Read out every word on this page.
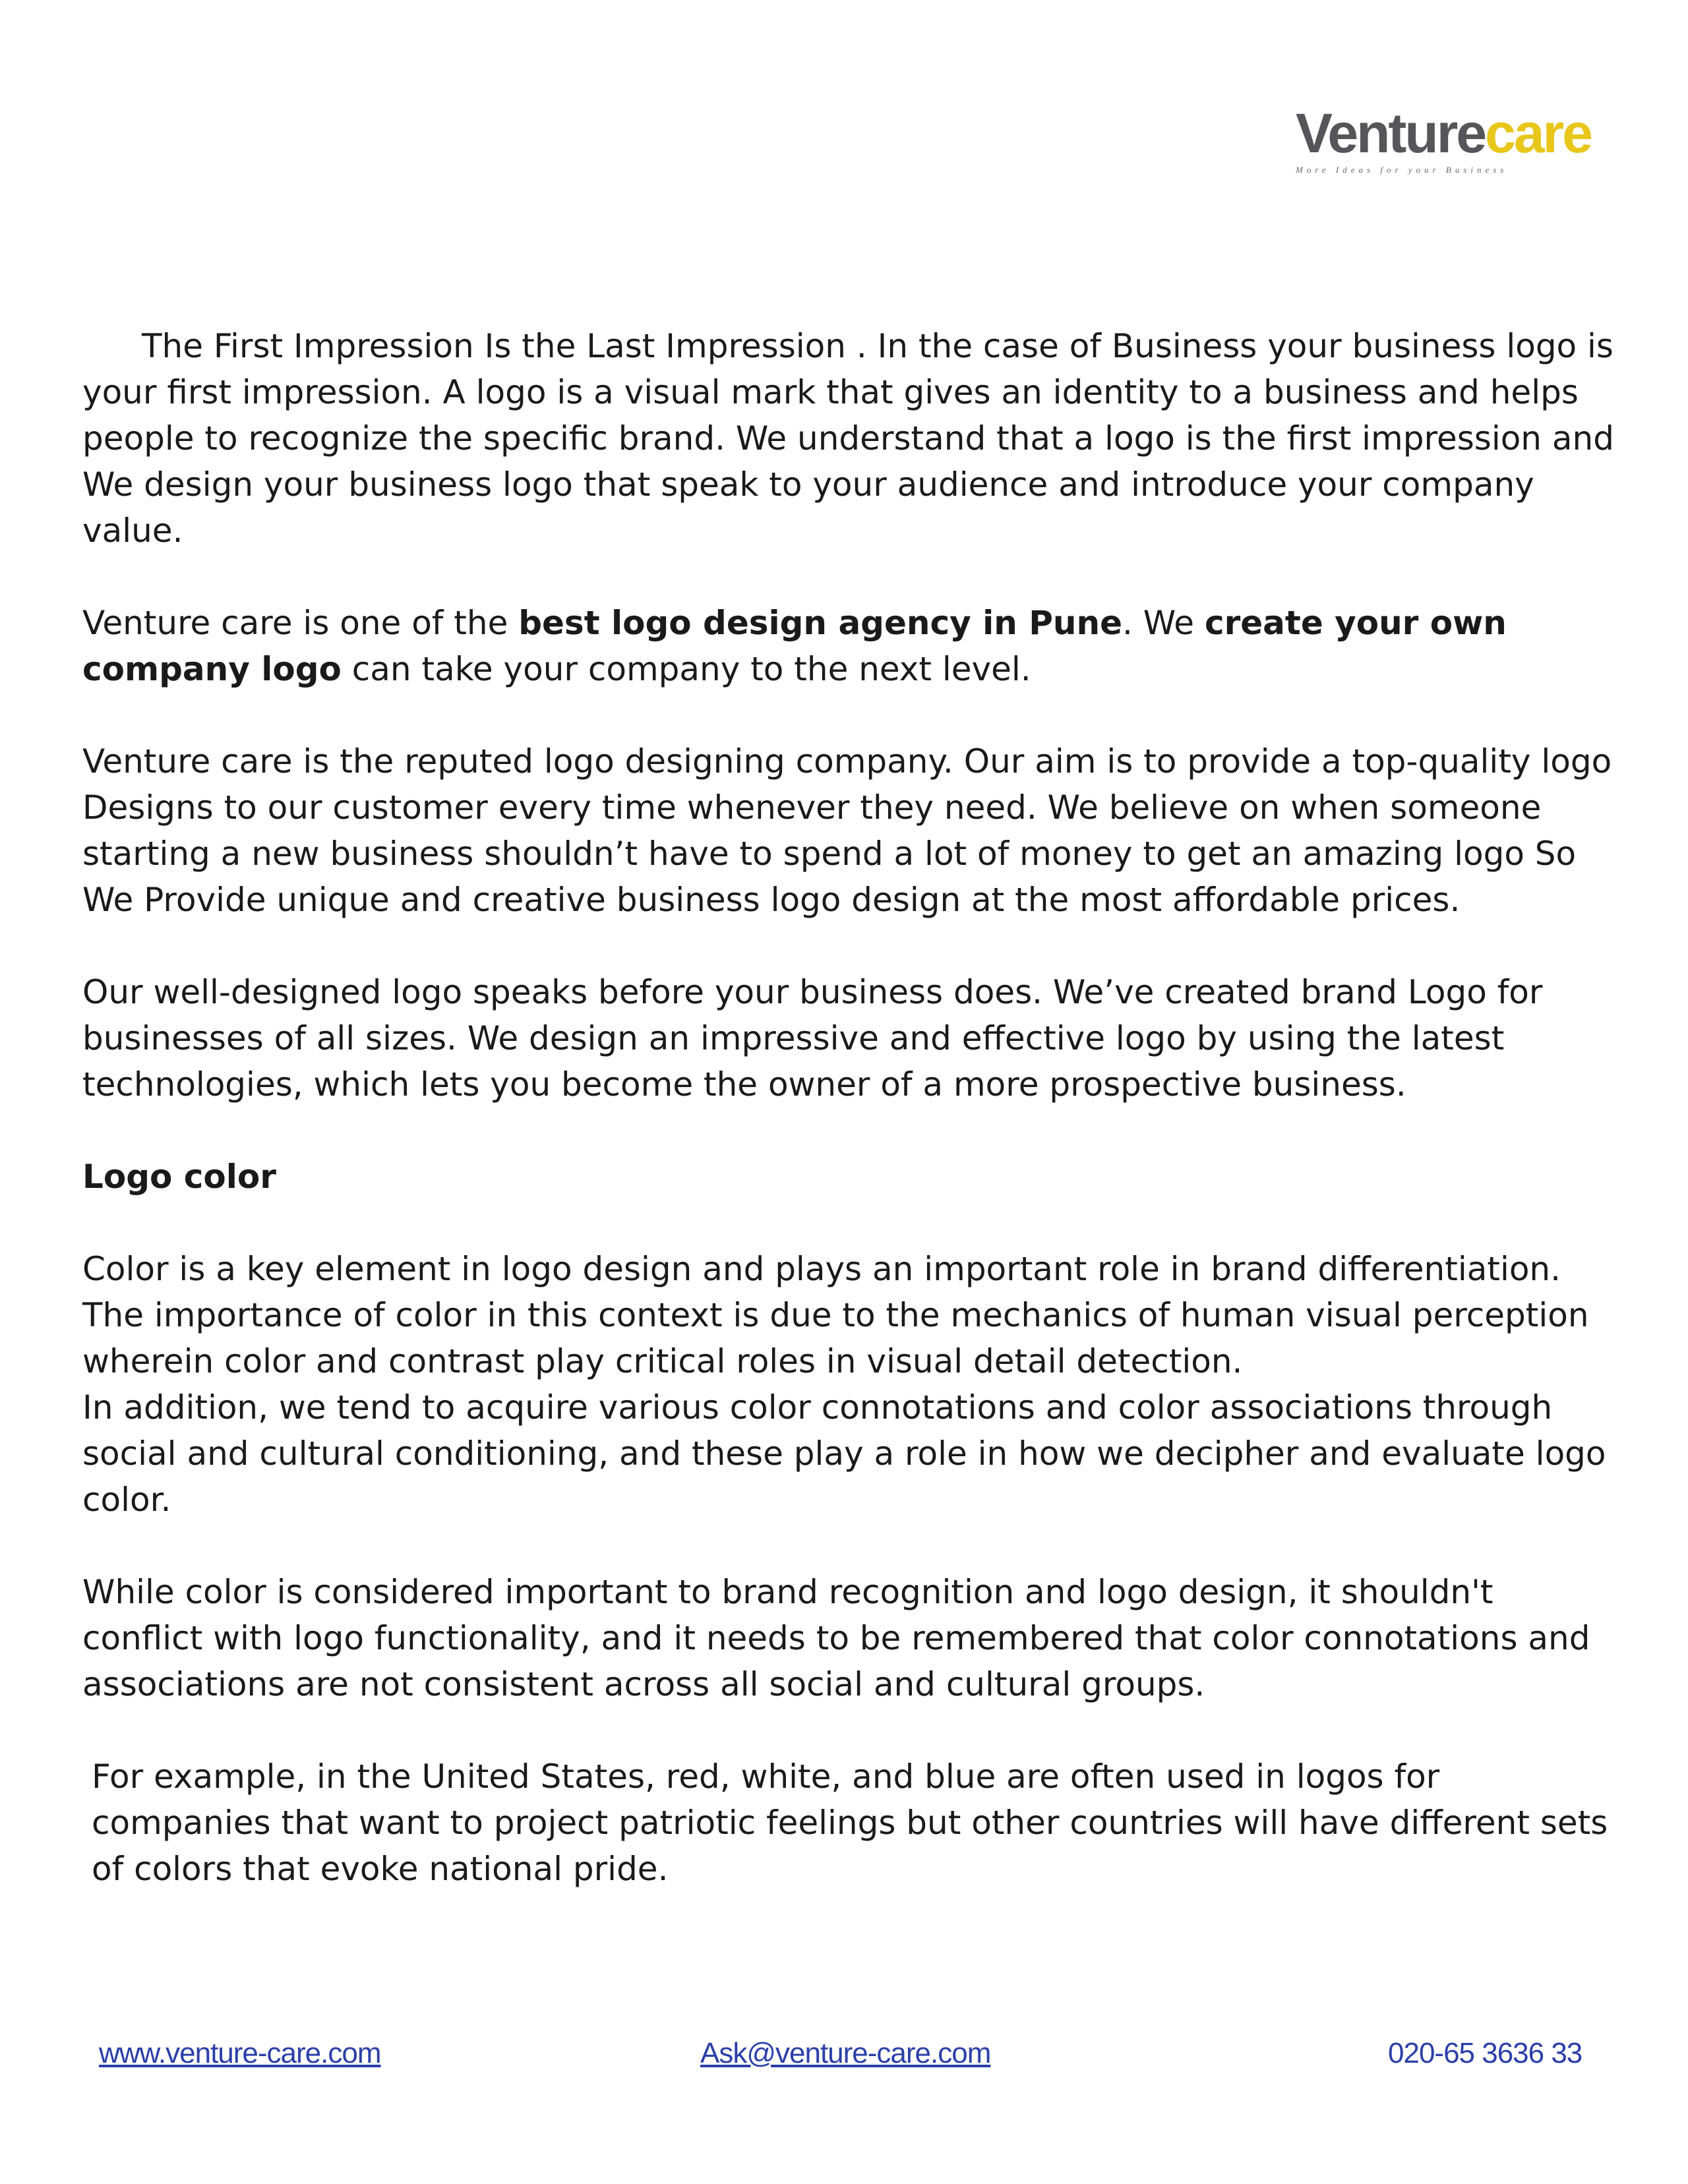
Venturecare
More Ideas for your Business

The First Impression Is the Last Impression . In the case of Business your business logo is your first impression. A logo is a visual mark that gives an identity to a business and helps people to recognize the specific brand. We understand that a logo is the first impression and We design your business logo that speak to your audience and introduce your company value.

Venture care is one of the best logo design agency in Pune. We create your own company logo can take your company to the next level.

Venture care is the reputed logo designing company. Our aim is to provide a top-quality logo Designs to our customer every time whenever they need. We believe on when someone starting a new business shouldn’t have to spend a lot of money to get an amazing logo So We Provide unique and creative business logo design at the most affordable prices.

Our well-designed logo speaks before your business does. We’ve created brand Logo for businesses of all sizes. We design an impressive and effective logo by using the latest technologies, which lets you become the owner of a more prospective business.

Logo color

Color is a key element in logo design and plays an important role in brand differentiation. The importance of color in this context is due to the mechanics of human visual perception wherein color and contrast play critical roles in visual detail detection.

In addition, we tend to acquire various color connotations and color associations through social and cultural conditioning, and these play a role in how we decipher and evaluate logo color.

While color is considered important to brand recognition and logo design, it shouldn't conflict with logo functionality, and it needs to be remembered that color connotations and associations are not consistent across all social and cultural groups.

For example, in the United States, red, white, and blue are often used in logos for companies that want to project patriotic feelings but other countries will have different sets of colors that evoke national pride.

www.venture-care.com	Ask@venture-care.com	020-65 3636 33
